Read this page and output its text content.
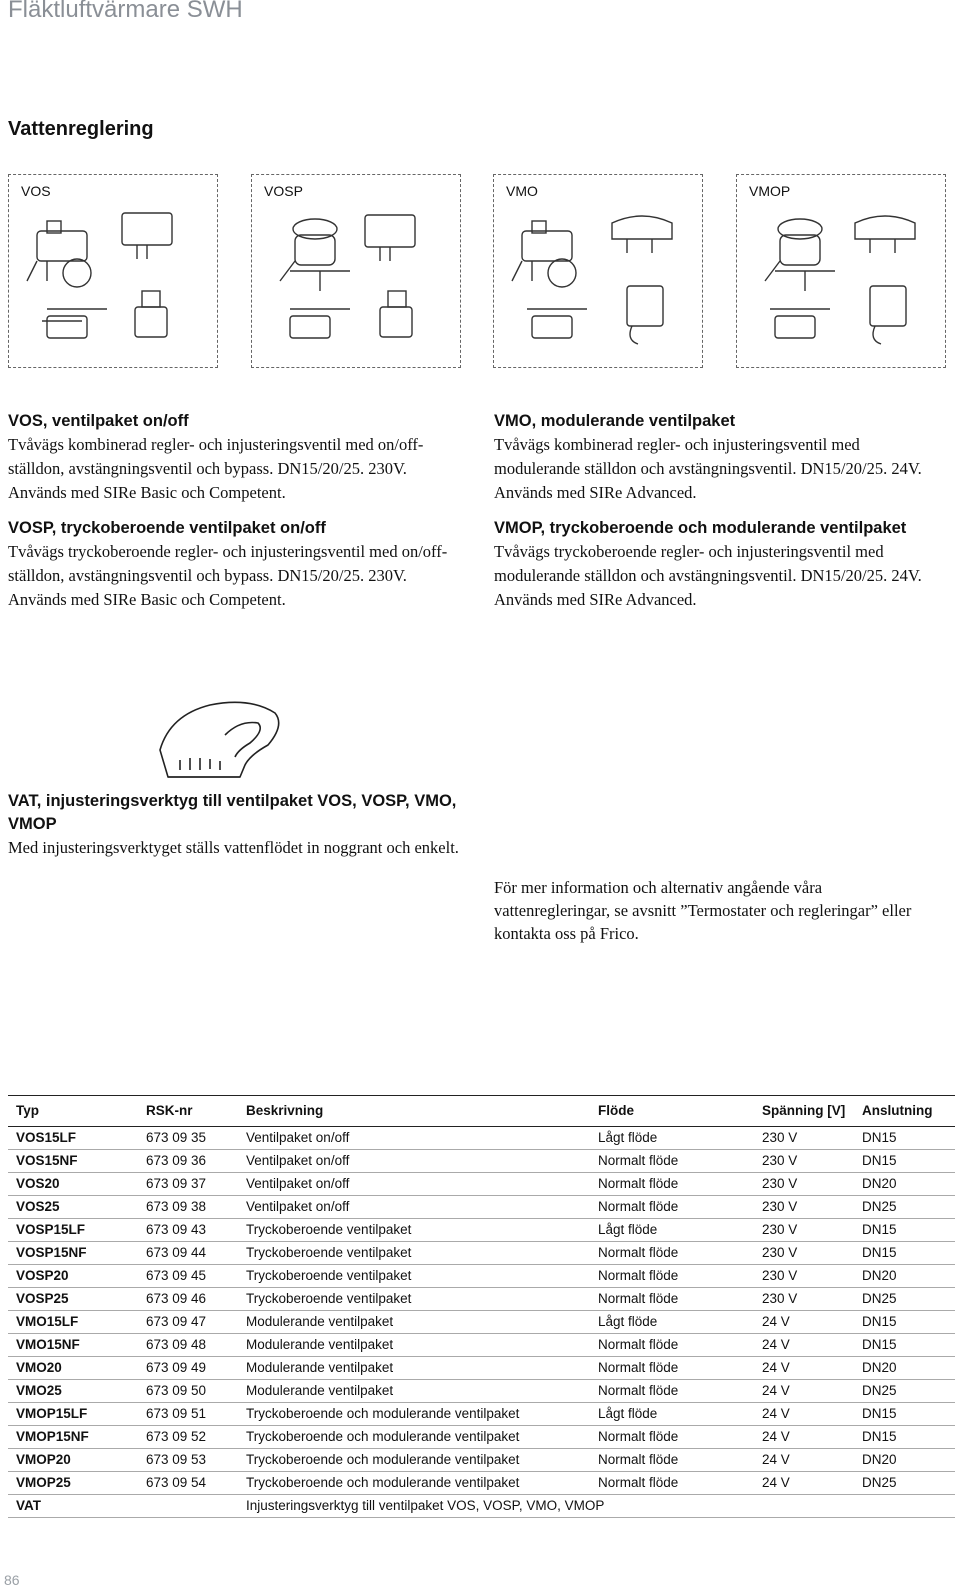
Fläktluftvärmare SWH
Vattenreglering
VOS	VOSP	VMO	VMOP

VOS, ventilpaket on/off
Tvåvägs kombinerad regler- och injusteringsventil med on/off-ställdon, avstängningsventil och bypass. DN15/20/25. 230V. Används med SIRe Basic och Competent.

VOSP, tryckoberoende ventilpaket on/off
Tvåvägs tryckoberoende regler- och injusteringsventil med on/off-ställdon, avstängningsventil och bypass. DN15/20/25. 230V. Används med SIRe Basic och Competent.

VMO, modulerande ventilpaket
Tvåvägs kombinerad regler- och injusteringsventil med modulerande ställdon och avstängningsventil. DN15/20/25. 24V. Används med SIRe Advanced.

VMOP, tryckoberoende och modulerande ventilpaket
Tvåvägs tryckoberoende regler- och injusteringsventil med modulerande ställdon och avstängningsventil. DN15/20/25. 24V. Används med SIRe Advanced.

VAT, injusteringsverktyg till ventilpaket VOS, VOSP, VMO, VMOP
Med injusteringsverktyget ställs vattenflödet in noggrant och enkelt.
För mer information och alternativ angående våra vattenregleringar, se avsnitt ”Termostater och regleringar” eller kontakta oss på Frico.
Typ	RSK-nr	Beskrivning	Flöde	Spänning [V]	Anslutning
VOS15LF	673 09 35	Ventilpaket on/off	Lågt flöde	230 V	DN15
VOS15NF	673 09 36	Ventilpaket on/off	Normalt flöde	230 V	DN15
VOS20	673 09 37	Ventilpaket on/off	Normalt flöde	230 V	DN20
VOS25	673 09 38	Ventilpaket on/off	Normalt flöde	230 V	DN25
VOSP15LF	673 09 43	Tryckoberoende ventilpaket	Lågt flöde	230 V	DN15
VOSP15NF	673 09 44	Tryckoberoende ventilpaket	Normalt flöde	230 V	DN15
VOSP20	673 09 45	Tryckoberoende ventilpaket	Normalt flöde	230 V	DN20
VOSP25	673 09 46	Tryckoberoende ventilpaket	Normalt flöde	230 V	DN25
VMO15LF	673 09 47	Modulerande ventilpaket	Lågt flöde	24 V	DN15
VMO15NF	673 09 48	Modulerande ventilpaket	Normalt flöde	24 V	DN15
VMO20	673 09 49	Modulerande ventilpaket	Normalt flöde	24 V	DN20
VMO25	673 09 50	Modulerande ventilpaket	Normalt flöde	24 V	DN25
VMOP15LF	673 09 51	Tryckoberoende och modulerande ventilpaket	Lågt flöde	24 V	DN15
VMOP15NF	673 09 52	Tryckoberoende och modulerande ventilpaket	Normalt flöde	24 V	DN15
VMOP20	673 09 53	Tryckoberoende och modulerande ventilpaket	Normalt flöde	24 V	DN20
VMOP25	673 09 54	Tryckoberoende och modulerande ventilpaket	Normalt flöde	24 V	DN25
VAT		Injusteringsverktyg till ventilpaket VOS, VOSP, VMO, VMOP			
86
